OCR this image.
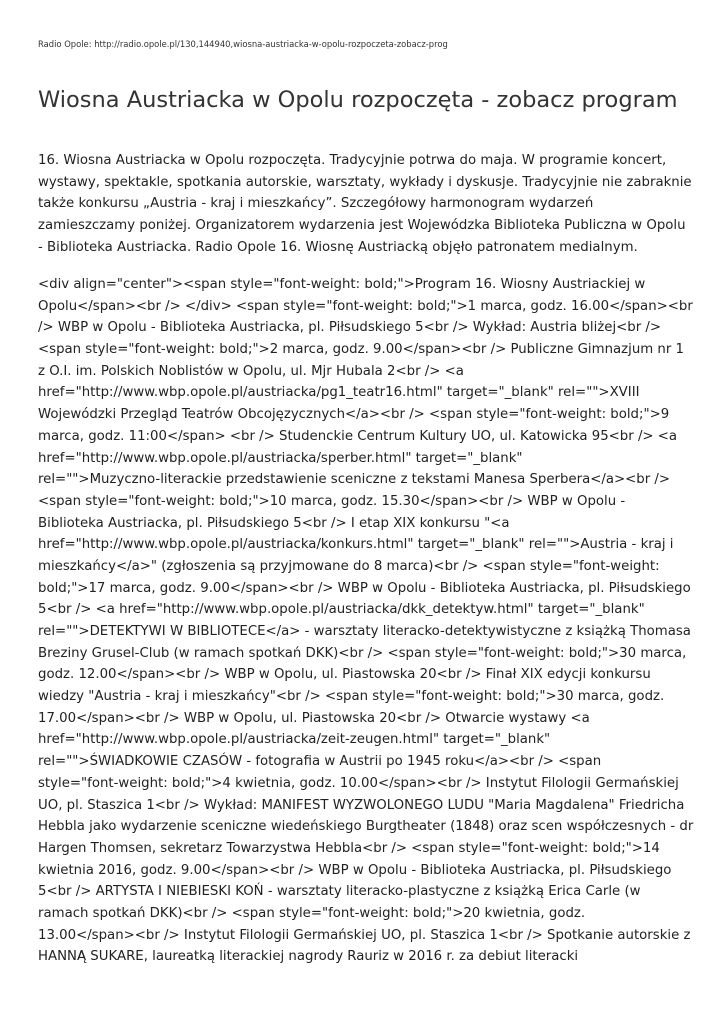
Radio Opole: http://radio.opole.pl/130,144940,wiosna-austriacka-w-opolu-rozpoczeta-zobacz-prog
Wiosna Austriacka w Opolu rozpoczęta - zobacz program
16. Wiosna Austriacka w Opolu rozpoczęta. Tradycyjnie potrwa do maja. W programie koncert,
wystawy, spektakle, spotkania autorskie, warsztaty, wykłady i dyskusje. Tradycyjnie nie zabraknie
także konkursu „Austria - kraj i mieszkańcy”. Szczegółowy harmonogram wydarzeń
zamieszczamy poniżej. Organizatorem wydarzenia jest Wojewódzka Biblioteka Publiczna w Opolu
- Biblioteka Austriacka. Radio Opole 16. Wiosnę Austriacką objęło patronatem medialnym.
<div align="center"><span style="font-weight: bold;">Program 16. Wiosny Austriackiej w
Opolu</span><br /> </div> <span style="font-weight: bold;">1 marca, godz. 16.00</span><br
/> WBP w Opolu - Biblioteka Austriacka, pl. Piłsudskiego 5<br /> Wykład: Austria bliżej<br />
<span style="font-weight: bold;">2 marca, godz. 9.00</span><br /> Publiczne Gimnazjum nr 1
z O.I. im. Polskich Noblistów w Opolu, ul. Mjr Hubala 2<br /> <a
href="http://www.wbp.opole.pl/austriacka/pg1_teatr16.html" target="_blank" rel="">XVIII
Wojewódzki Przegląd Teatrów Obcojęzycznych</a><br /> <span style="font-weight: bold;">9
marca, godz. 11:00</span> <br /> Studenckie Centrum Kultury UO, ul. Katowicka 95<br /> <a
href="http://www.wbp.opole.pl/austriacka/sperber.html" target="_blank"
rel="">Muzyczno-literackie przedstawienie sceniczne z tekstami Manesa Sperbera</a><br />
<span style="font-weight: bold;">10 marca, godz. 15.30</span><br /> WBP w Opolu -
Biblioteka Austriacka, pl. Piłsudskiego 5<br /> I etap XIX konkursu "<a
href="http://www.wbp.opole.pl/austriacka/konkurs.html" target="_blank" rel="">Austria - kraj i
mieszkańcy</a>" (zgłoszenia są przyjmowane do 8 marca)<br /> <span style="font-weight:
bold;">17 marca, godz. 9.00</span><br /> WBP w Opolu - Biblioteka Austriacka, pl. Piłsudskiego
5<br /> <a href="http://www.wbp.opole.pl/austriacka/dkk_detektyw.html" target="_blank"
rel="">DETEKTYWI W BIBLIOTECE</a> - warsztaty literacko-detektywistyczne z książką Thomasa
Breziny Grusel-Club (w ramach spotkań DKK)<br /> <span style="font-weight: bold;">30 marca,
godz. 12.00</span><br /> WBP w Opolu, ul. Piastowska 20<br /> Finał XIX edycji konkursu
wiedzy "Austria - kraj i mieszkańcy"<br /> <span style="font-weight: bold;">30 marca, godz.
17.00</span><br /> WBP w Opolu, ul. Piastowska 20<br /> Otwarcie wystawy <a
href="http://www.wbp.opole.pl/austriacka/zeit-zeugen.html" target="_blank"
rel="">ŚWIADKOWIE CZASÓW - fotografia w Austrii po 1945 roku</a><br /> <span
style="font-weight: bold;">4 kwietnia, godz. 10.00</span><br /> Instytut Filologii Germańskiej
UO, pl. Staszica 1<br /> Wykład: MANIFEST WYZWOLONEGO LUDU "Maria Magdalena" Friedricha
Hebbla jako wydarzenie sceniczne wiedeńskiego Burgtheater (1848) oraz scen współczesnych - dr
Hargen Thomsen, sekretarz Towarzystwa Hebbla<br /> <span style="font-weight: bold;">14
kwietnia 2016, godz. 9.00</span><br /> WBP w Opolu - Biblioteka Austriacka, pl. Piłsudskiego
5<br /> ARTYSTA I NIEBIESKI KOŃ - warsztaty literacko-plastyczne z książką Erica Carle (w
ramach spotkań DKK)<br /> <span style="font-weight: bold;">20 kwietnia, godz.
13.00</span><br /> Instytut Filologii Germańskiej UO, pl. Staszica 1<br /> Spotkanie autorskie z
HANNĄ SUKARE, laureatką literackiej nagrody Rauriz w 2016 r. za debiut literacki
